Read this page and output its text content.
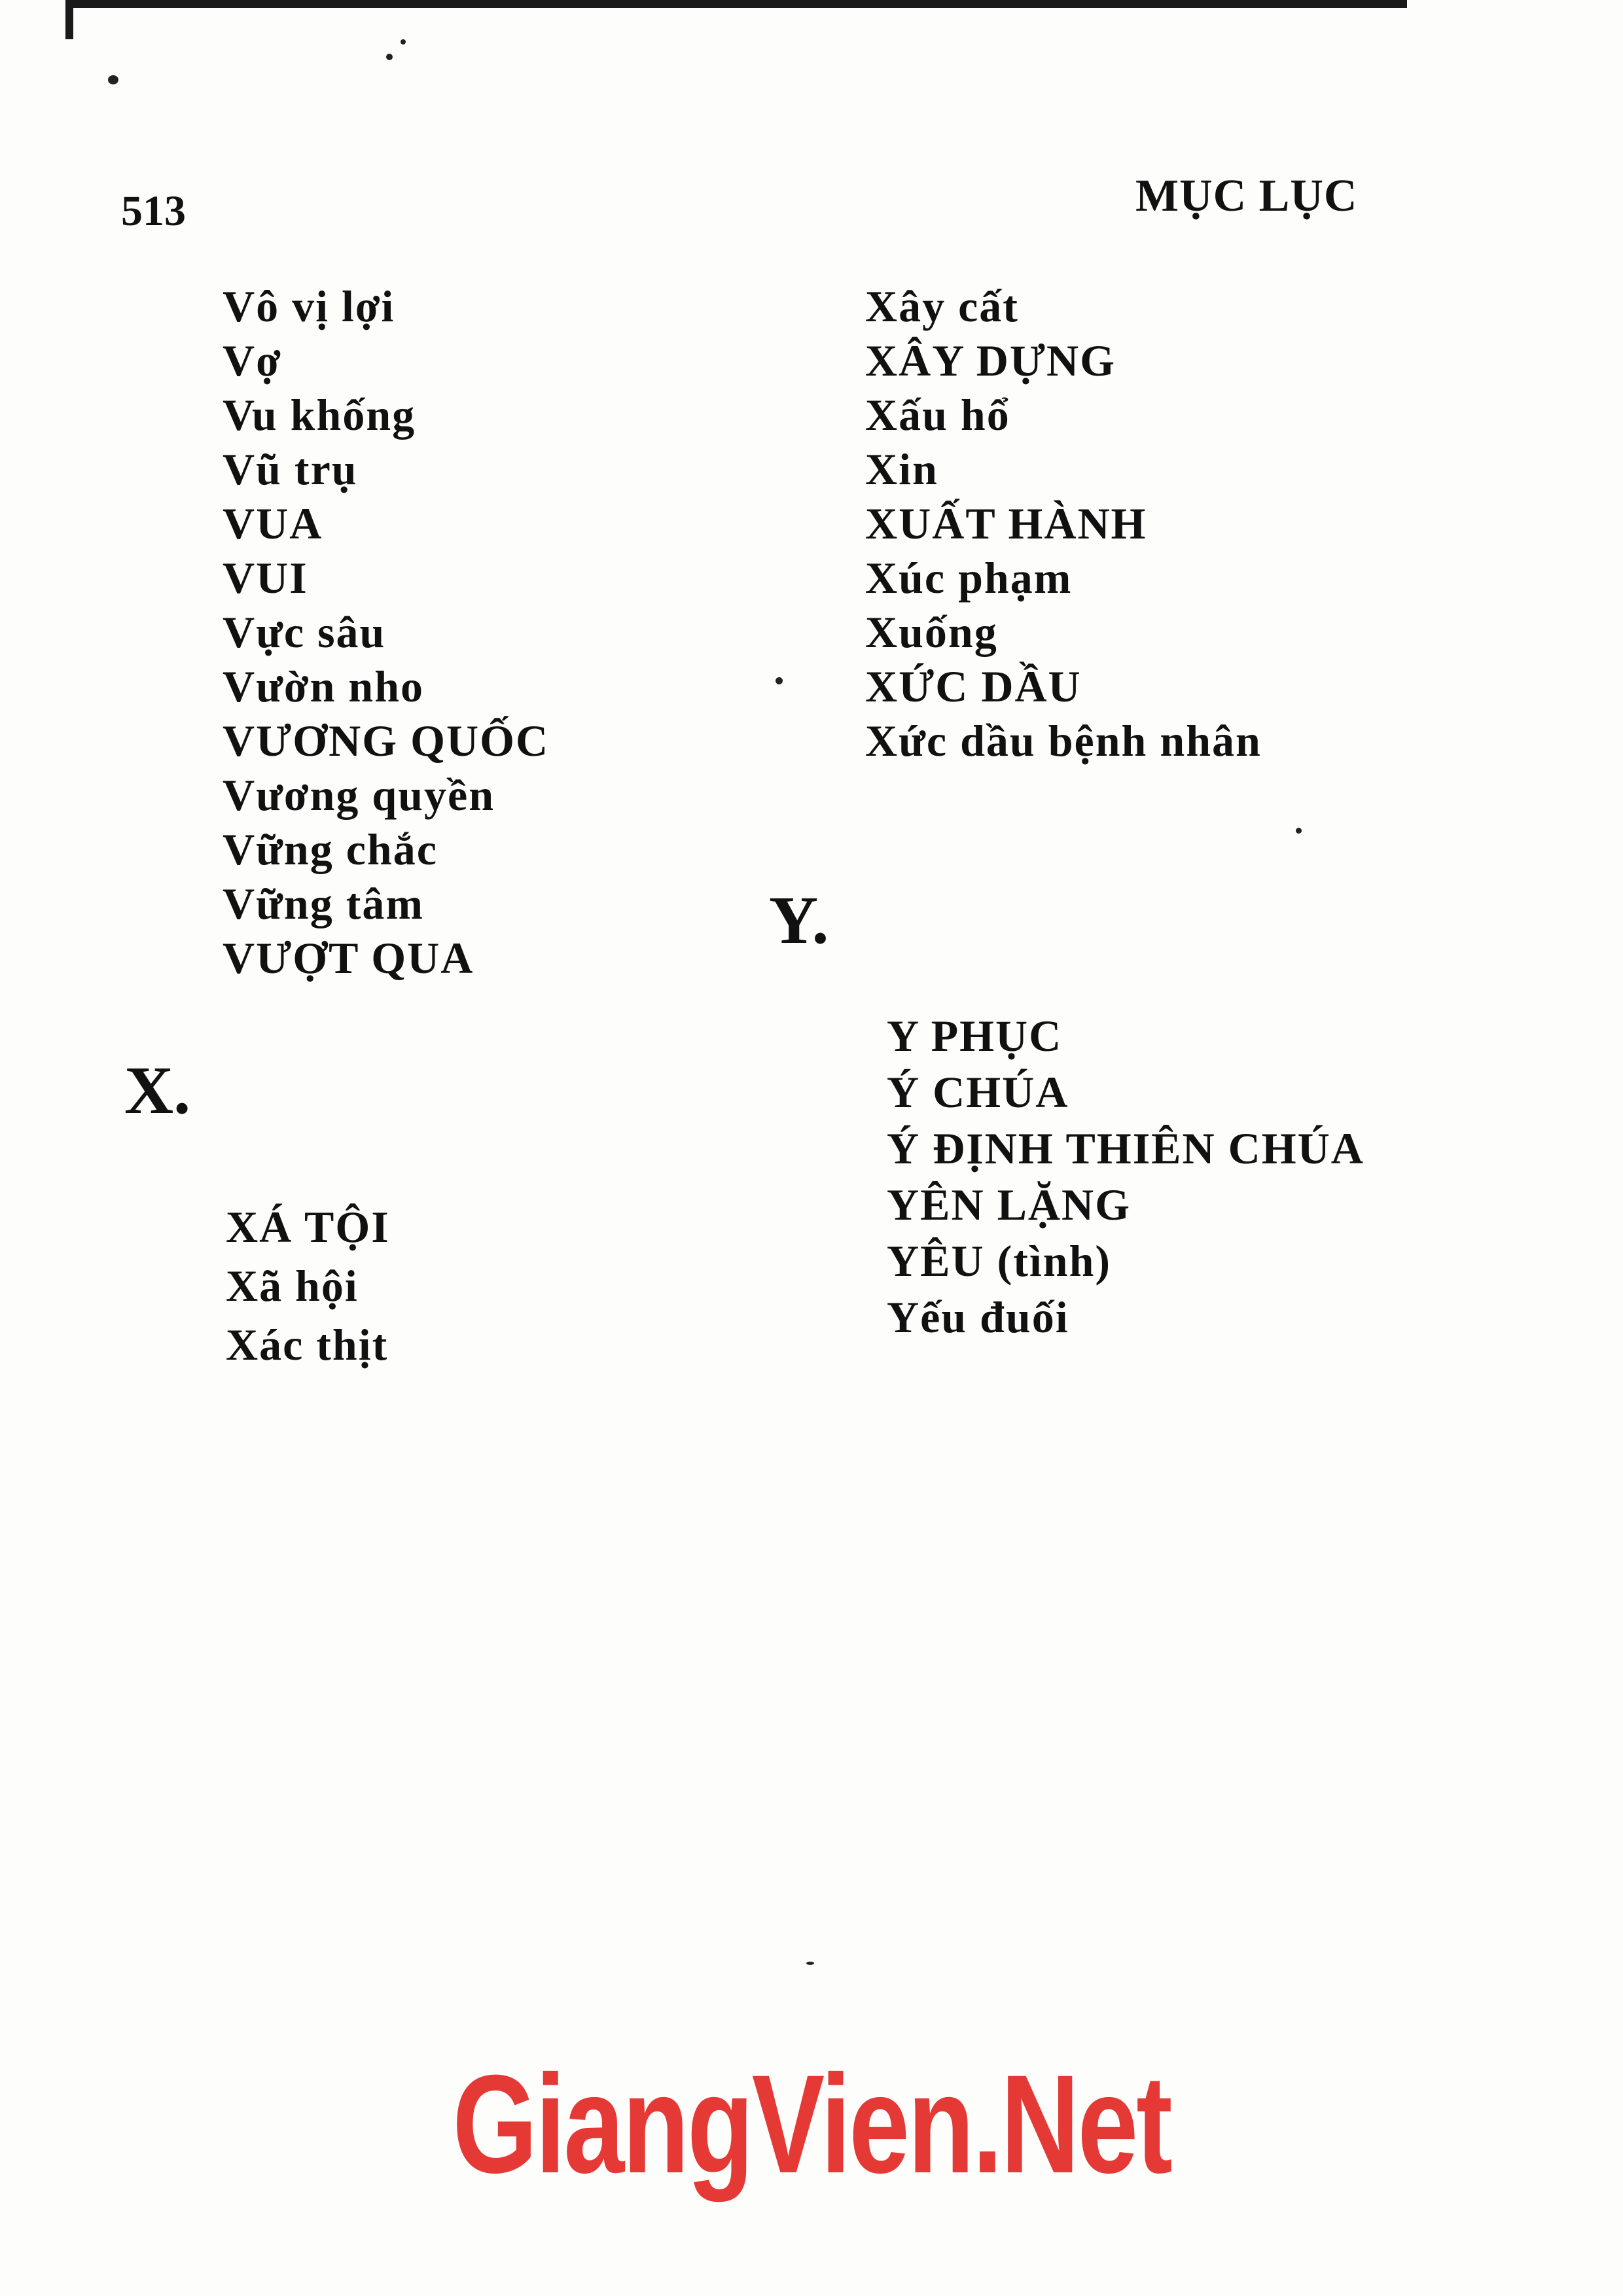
513	MỤC LỤC
Vô vị lợi
Vợ
Vu khống
Vũ trụ
VUA
VUI
Vực sâu
Vườn nho
VƯƠNG QUỐC
Vương quyền
Vững chắc
Vững tâm
VƯỢT QUA
X.
XÁ TỘI
Xã hội
Xác thịt
Xây cất
XÂY DỰNG
Xấu hổ
Xin
XUẤT HÀNH
Xúc phạm
Xuống
XỨC DẦU
Xức dầu bệnh nhân
Y.
Y PHỤC
Ý CHÚA
Ý ĐỊNH THIÊN CHÚA
YÊN LẶNG
YÊU (tình)
Yếu đuối
GiangVien.Net
